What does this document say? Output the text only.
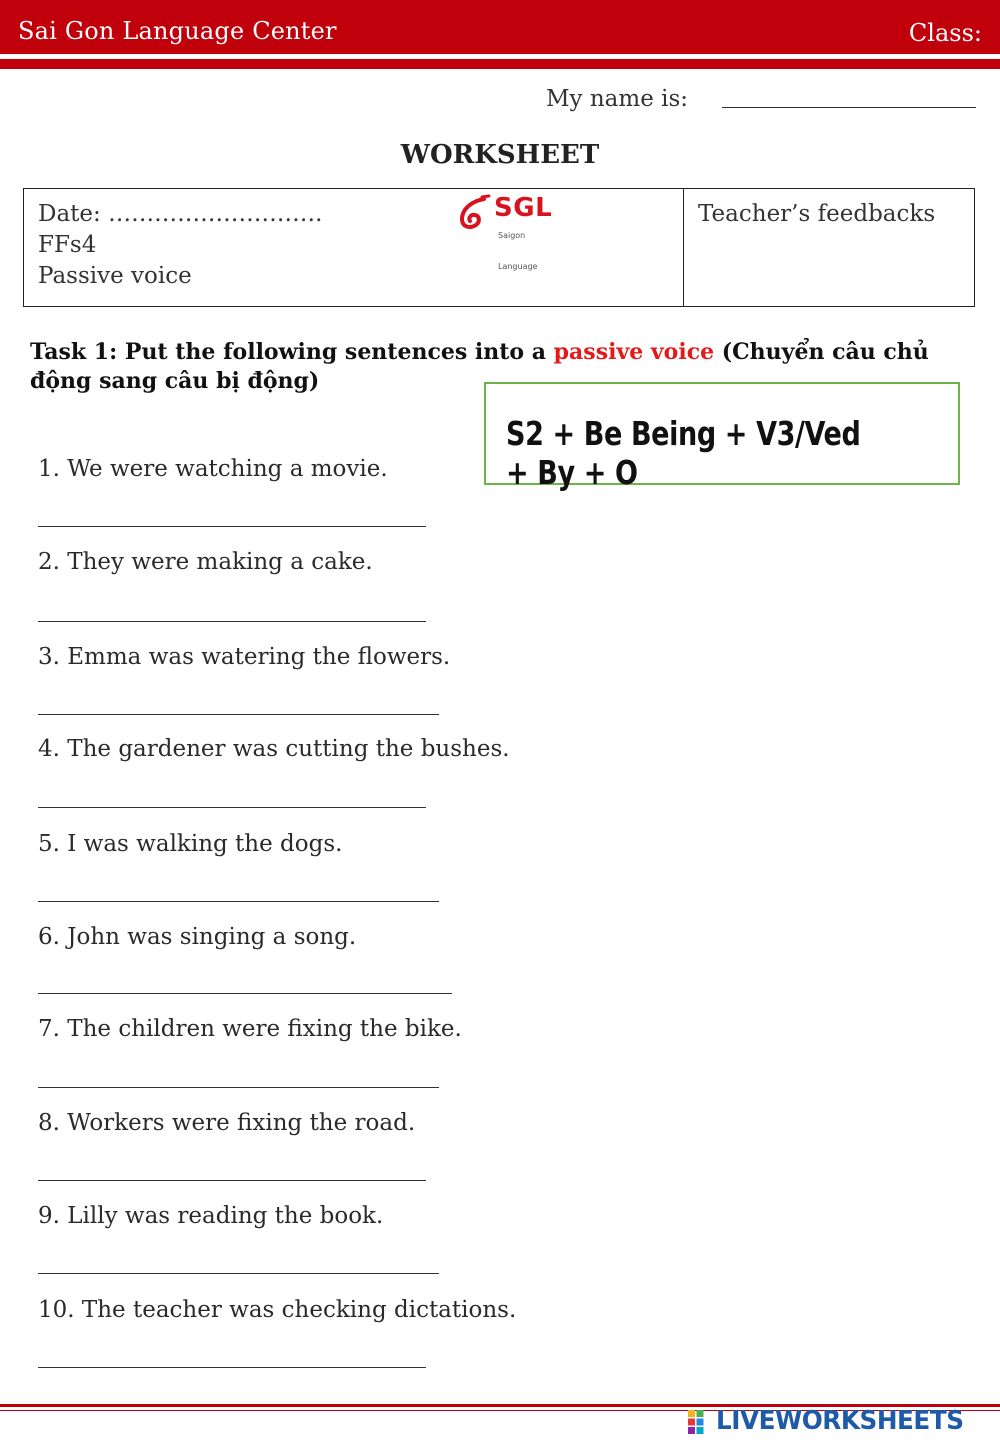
Sai Gon Language Center	Class:
My name is:
WORKSHEET
Date: ……………………….
FFs4
Passive voice
SGL
Saigon Language
Teacher’s feedbacks
Task 1: Put the following sentences into a passive voice (Chuyển câu chủ động sang câu bị động)
S2 + Be Being + V3/Ved + By + O
1. We were watching a movie.
2. They were making a cake.
3. Emma was watering the flowers.
4. The gardener was cutting the bushes.
5. I was walking the dogs.
6. John was singing a song.
7. The children were fixing the bike.
8. Workers were fixing the road.
9. Lilly was reading the book.
10. The teacher was checking dictations.
LIVEWORKSHEETS
